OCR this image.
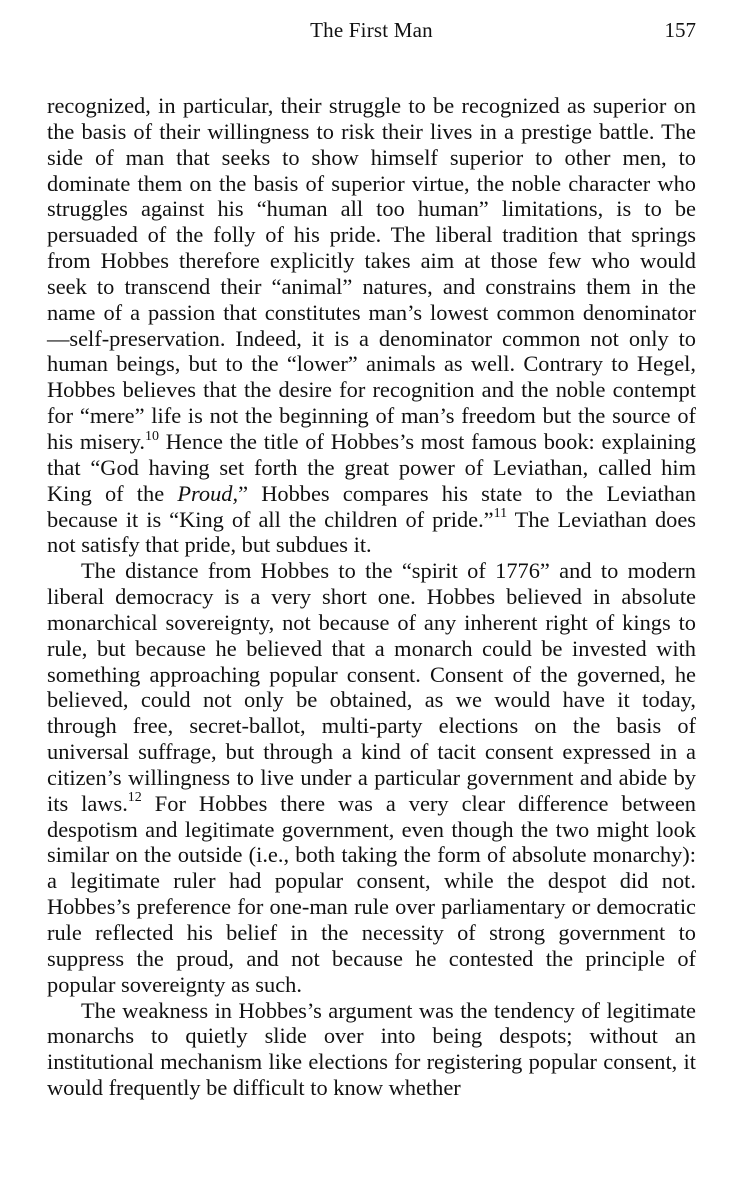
The First Man	157

recognized, in particular, their struggle to be recognized as superior on the basis of their willingness to risk their lives in a prestige battle. The side of man that seeks to show himself superior to other men, to dominate them on the basis of superior virtue, the noble character who struggles against his “human all too human” limitations, is to be persuaded of the folly of his pride. The liberal tradition that springs from Hobbes therefore explicitly takes aim at those few who would seek to transcend their “animal” natures, and constrains them in the name of a passion that constitutes man’s lowest common denominator—self-preservation. Indeed, it is a denominator common not only to human beings, but to the “lower” animals as well. Contrary to Hegel, Hobbes believes that the desire for recognition and the noble contempt for “mere” life is not the beginning of man’s freedom but the source of his misery.$^{10}$ Hence the title of Hobbes’s most famous book: explaining that “God having set forth the great power of Leviathan, called him King of the Proud,” Hobbes compares his state to the Leviathan because it is “King of all the children of pride.”$^{11}$ The Leviathan does not satisfy that pride, but subdues it.

The distance from Hobbes to the “spirit of 1776” and to modern liberal democracy is a very short one. Hobbes believed in absolute monarchical sovereignty, not because of any inherent right of kings to rule, but because he believed that a monarch could be invested with something approaching popular consent. Consent of the governed, he believed, could not only be obtained, as we would have it today, through free, secret-ballot, multi-party elections on the basis of universal suffrage, but through a kind of tacit consent expressed in a citizen’s willingness to live under a particular government and abide by its laws.$^{12}$ For Hobbes there was a very clear difference between despotism and legitimate government, even though the two might look similar on the outside (i.e., both taking the form of absolute monarchy): a legitimate ruler had popular consent, while the despot did not. Hobbes’s preference for one-man rule over parliamentary or democratic rule reflected his belief in the necessity of strong government to suppress the proud, and not because he contested the principle of popular sovereignty as such.

The weakness in Hobbes’s argument was the tendency of legitimate monarchs to quietly slide over into being despots; without an institutional mechanism like elections for registering popular consent, it would frequently be difficult to know whether
